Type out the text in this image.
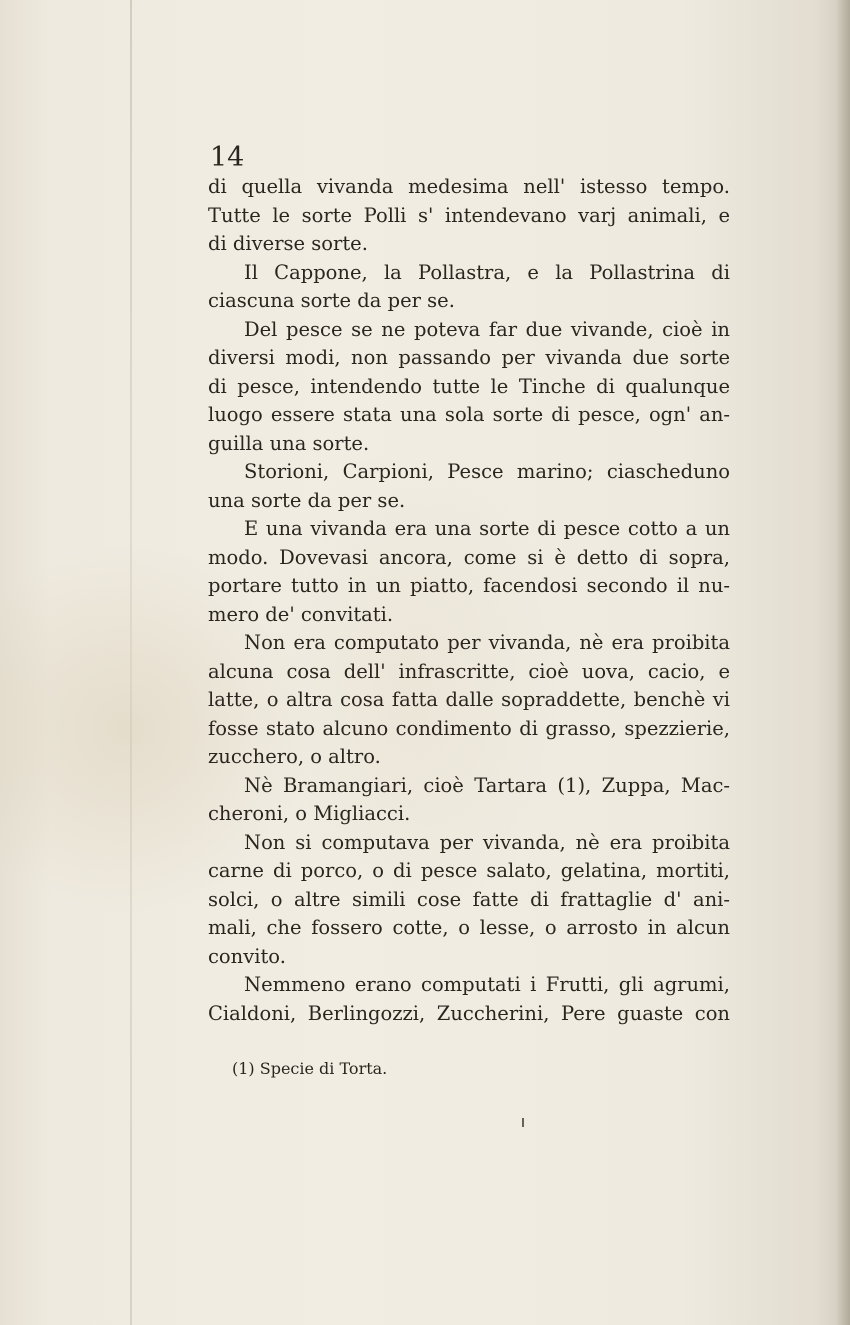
14
di quella vivanda medesima nell' istesso tempo.
Tutte le sorte Polli s' intendevano varj animali, e
di diverse sorte.
Il Cappone, la Pollastra, e la Pollastrina di
ciascuna sorte da per se.
Del pesce se ne poteva far due vivande, cioè in
diversi modi, non passando per vivanda due sorte
di pesce, intendendo tutte le Tinche di qualunque
luogo essere stata una sola sorte di pesce, ogn' an-
guilla una sorte.
Storioni, Carpioni, Pesce marino; ciascheduno
una sorte da per se.
E una vivanda era una sorte di pesce cotto a un
modo. Dovevasi ancora, come si è detto di sopra,
portare tutto in un piatto, facendosi secondo il nu-
mero de' convitati.
Non era computato per vivanda, nè era proibita
alcuna cosa dell' infrascritte, cioè uova, cacio, e
latte, o altra cosa fatta dalle sopraddette, benchè vi
fosse stato alcuno condimento di grasso, spezzierie,
zucchero, o altro.
Nè Bramangiari, cioè Tartara (1), Zuppa, Mac-
cheroni, o Migliacci.
Non si computava per vivanda, nè era proibita
carne di porco, o di pesce salato, gelatina, mortiti,
solci, o altre simili cose fatte di frattaglie d' ani-
mali, che fossero cotte, o lesse, o arrosto in alcun
convito.
Nemmeno erano computati i Frutti, gli agrumi,
Cialdoni, Berlingozzi, Zuccherini, Pere guaste con
(1) Specie di Torta.
